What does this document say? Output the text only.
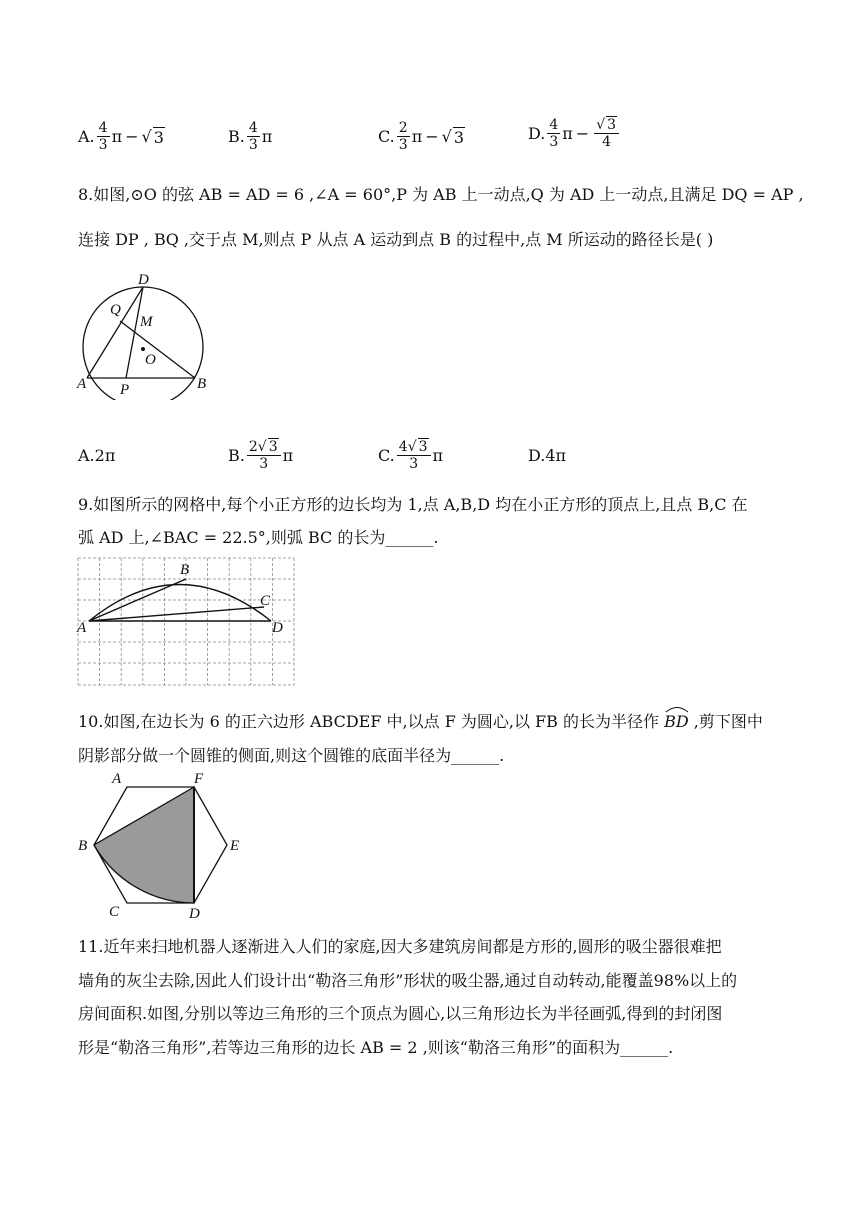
A. $\frac{4}{3}$ π − √ 3	B. $\frac{4}{3}$ π	C. $\frac{2}{3}$ π − √ 3	D. $\frac{4}{3}$ $\pi - \frac{√ 3}{4}$
8.如图,⊙O 的弦 AB = AD = 6 ,∠A = 60°,P 为 AB 上一动点,Q 为 AD 上一动点,且满足 DQ = AP ,
连接 DP , BQ ,交于点 M,则点 P 从点 A 运动到点 B 的过程中,点 M 所运动的路径长是( )
D
Q
M
O
A P	B
A. 2π	B. $\frac{2√ 3}{3}$ π	C. $\frac{4√ 3}{3}$ π	D. 4π
9.如图所示的网格中,每个小正方形的边长均为 1,点 A,B,D 均在小正方形的顶点上,且点 B,C 在
弧 AD 上,∠BAC = 22.5°,则弧 BC 的长为______.
A
B
C
D
10.如图,在边长为 6 的正六边形 ABCDEF 中,以点 F 为圆心,以 FB 的长为半径作 BD ,剪下图中
阴影部分做一个圆锥的侧面,则这个圆锥的底面半径为______.
A	F
B	E
C	D
11.近年来扫地机器人逐渐进入人们的家庭,因大多建筑房间都是方形的,圆形的吸尘器很难把
墙角的灰尘去除,因此人们设计出“勒洛三角形”形状的吸尘器,通过自动转动,能覆盖98%以上的
房间面积.如图,分别以等边三角形的三个顶点为圆心,以三角形边长为半径画弧,得到的封闭图
形是“勒洛三角形”,若等边三角形的边长 AB = 2 ,则该“勒洛三角形”的面积为______.
